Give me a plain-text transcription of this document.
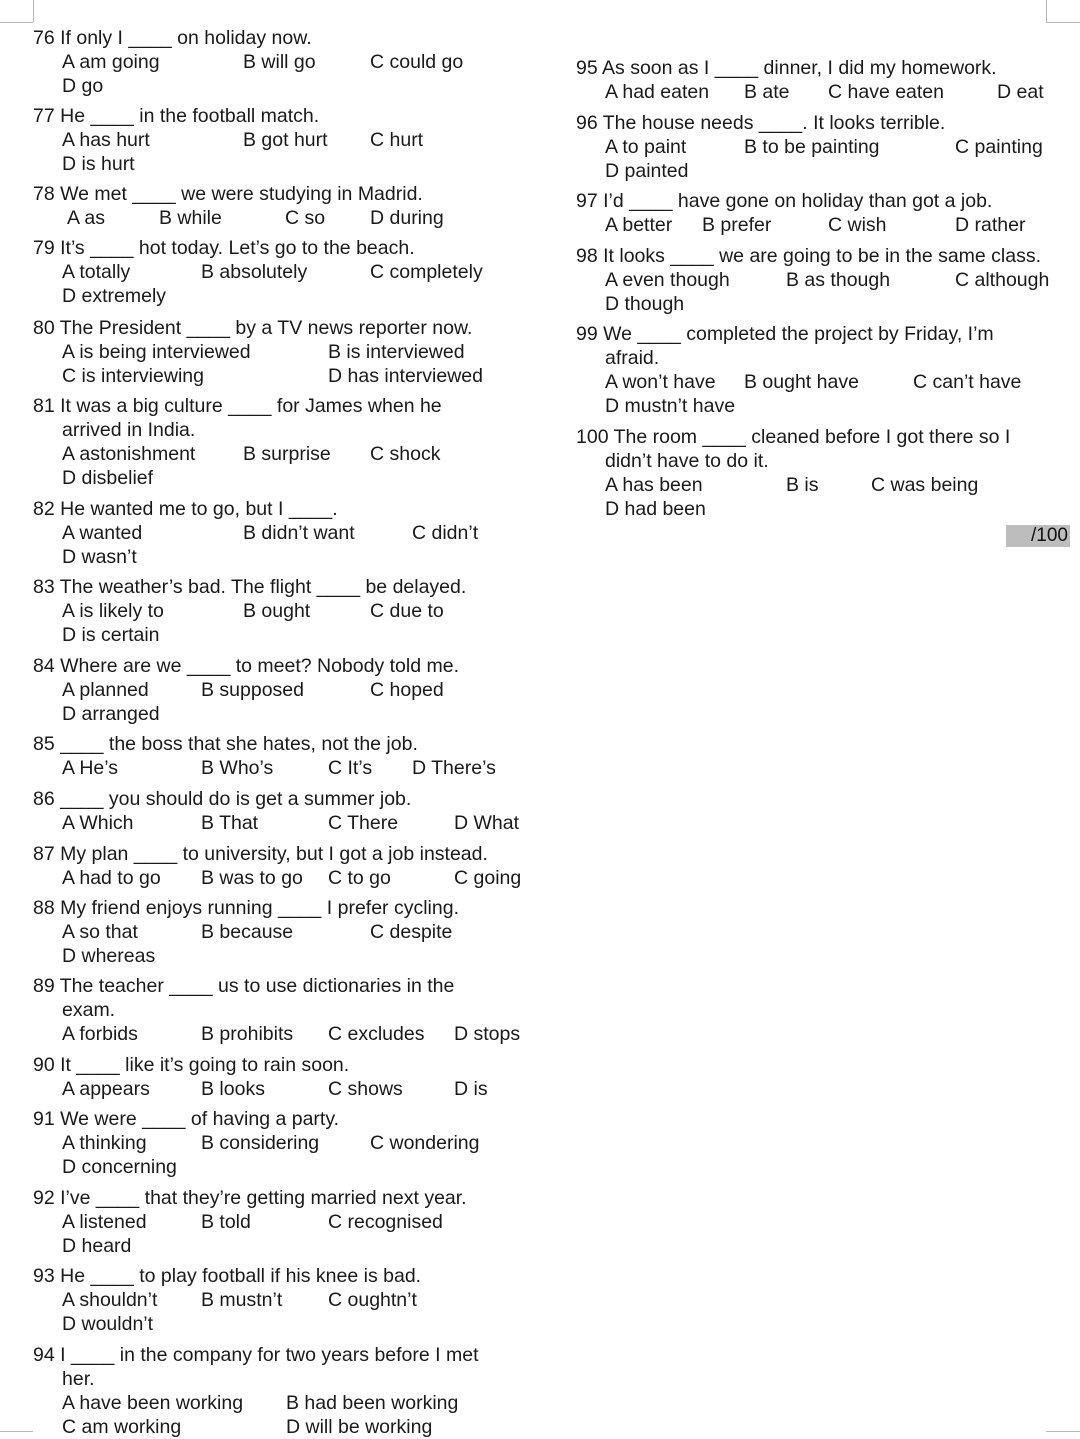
/100
76 If only I ____ on holiday now.
A am going	B will go	C could go
D go
77 He ____ in the football match.
A has hurt	B got hurt C hurt
D is hurt
78 We met ____ we were studying in Madrid.
A as	B while	C so D during
79 It’s ____ hot today. Let’s go to the beach.
A totally	B absolutely	C completely
D extremely
80 The President ____ by a TV news reporter now.
A is being interviewed	B is interviewed
C is interviewing	D has interviewed
81 It was a big culture ____ for James when he
arrived in India.
A astonishment B surprise C shock
D disbelief
82 He wanted me to go, but I ____.
A wanted	B didn’t want	C didn’t
D wasn’t
83 The weather’s bad. The flight ____ be delayed.
A is likely to	B ought	C due to
D is certain
84 Where are we ____ to meet? Nobody told me.
A planned	B supposed	C hoped
D arranged
85 ____ the boss that she hates, not the job.
A He’s	B Who’s	C It’s D There’s
86 ____ you should do is get a summer job.
A Which	B That	C There	D What
87 My plan ____ to university, but I got a job instead.
A had to go B was to go C to go	C going
88 My friend enjoys running ____ I prefer cycling.
A so that	B because	C despite
D whereas
89 The teacher ____ us to use dictionaries in the
exam.
A forbids	B prohibits C excludes D stops
90 It ____ like it’s going to rain soon.
A appears	B looks	C shows	D is
91 We were ____ of having a party.
A thinking	B considering	C wondering
D concerning
92 I’ve ____ that they’re getting married next year.
A listened	B told	C recognised
D heard
93 He ____ to play football if his knee is bad.
A shouldn’t B mustn’t C oughtn’t
D wouldn’t
94 I ____ in the company for two years before I met
her.
A have been working B had been working
C am working	D will be working
95 As soon as I ____ dinner, I did my homework.
A had eaten B ate C have eaten	D eat
96 The house needs ____. It looks terrible.
A to paint	B to be painting	C painting
D painted
97 I’d ____ have gone on holiday than got a job.
A better B prefer	C wish	D rather
98 It looks ____ we are going to be in the same class.
A even though	B as though	C although
D though
99 We ____ completed the project by Friday, I’m
afraid.
A won’t have B ought have	C can’t have
D mustn’t have
100 The room ____ cleaned before I got there so I
didn’t have to do it.
A has been	B is	C was being
D had been
